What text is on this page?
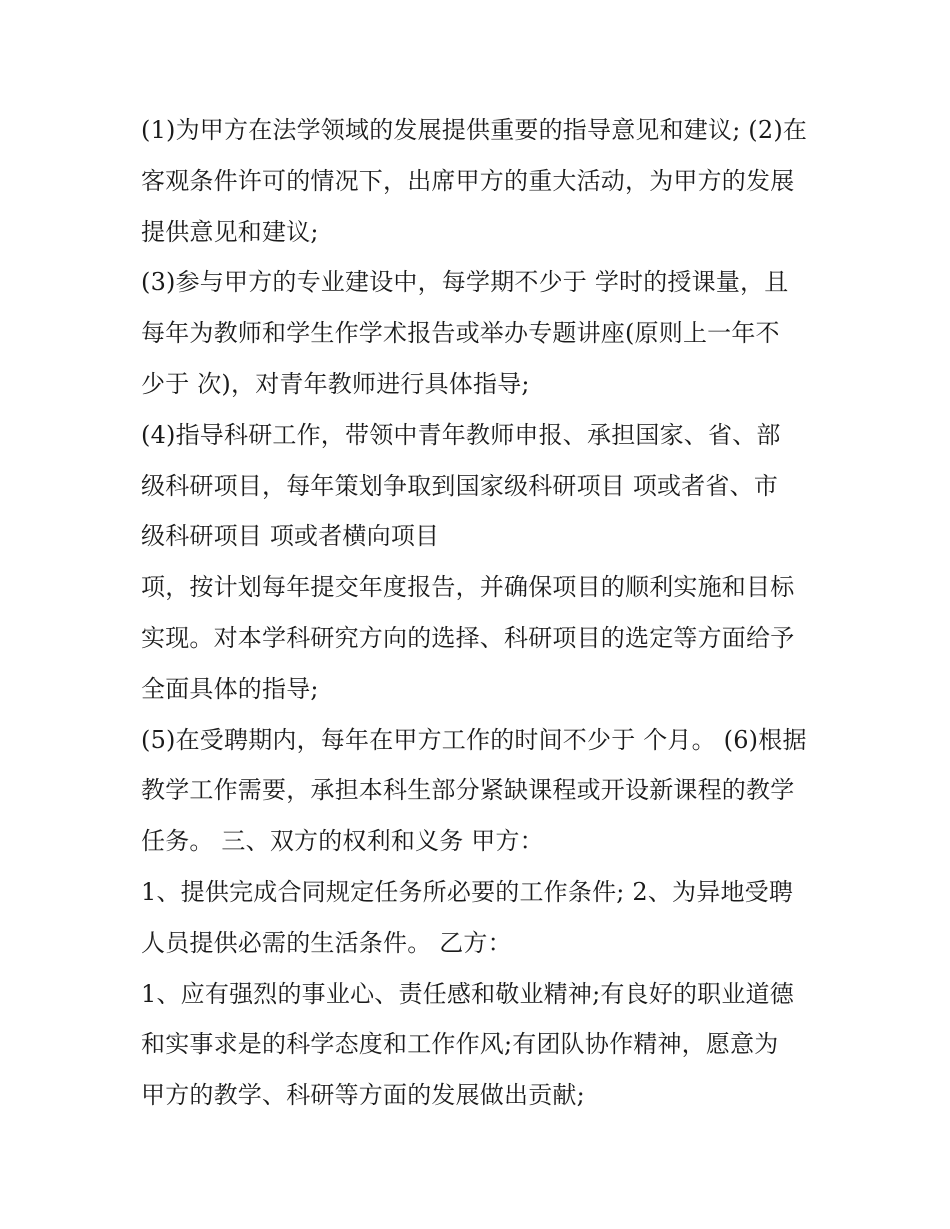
(1)为甲方在法学领域的发展提供重要的指导意见和建议; (2)在
客观条件许可的情况下，出席甲方的重大活动，为甲方的发展
提供意见和建议;
(3)参与甲方的专业建设中，每学期不少于 学时的授课量，且
每年为教师和学生作学术报告或举办专题讲座(原则上一年不
少于 次)，对青年教师进行具体指导;
(4)指导科研工作，带领中青年教师申报、承担国家、省、部
级科研项目，每年策划争取到国家级科研项目 项或者省、市
级科研项目 项或者横向项目
项，按计划每年提交年度报告，并确保项目的顺利实施和目标
实现。对本学科研究方向的选择、科研项目的选定等方面给予
全面具体的指导;
(5)在受聘期内，每年在甲方工作的时间不少于 个月。 (6)根据
教学工作需要，承担本科生部分紧缺课程或开设新课程的教学
任务。 三、双方的权利和义务 甲方：
1、提供完成合同规定任务所必要的工作条件; 2、为异地受聘
人员提供必需的生活条件。 乙方：
1、应有强烈的事业心、责任感和敬业精神;有良好的职业道德
和实事求是的科学态度和工作作风;有团队协作精神，愿意为
甲方的教学、科研等方面的发展做出贡献;
